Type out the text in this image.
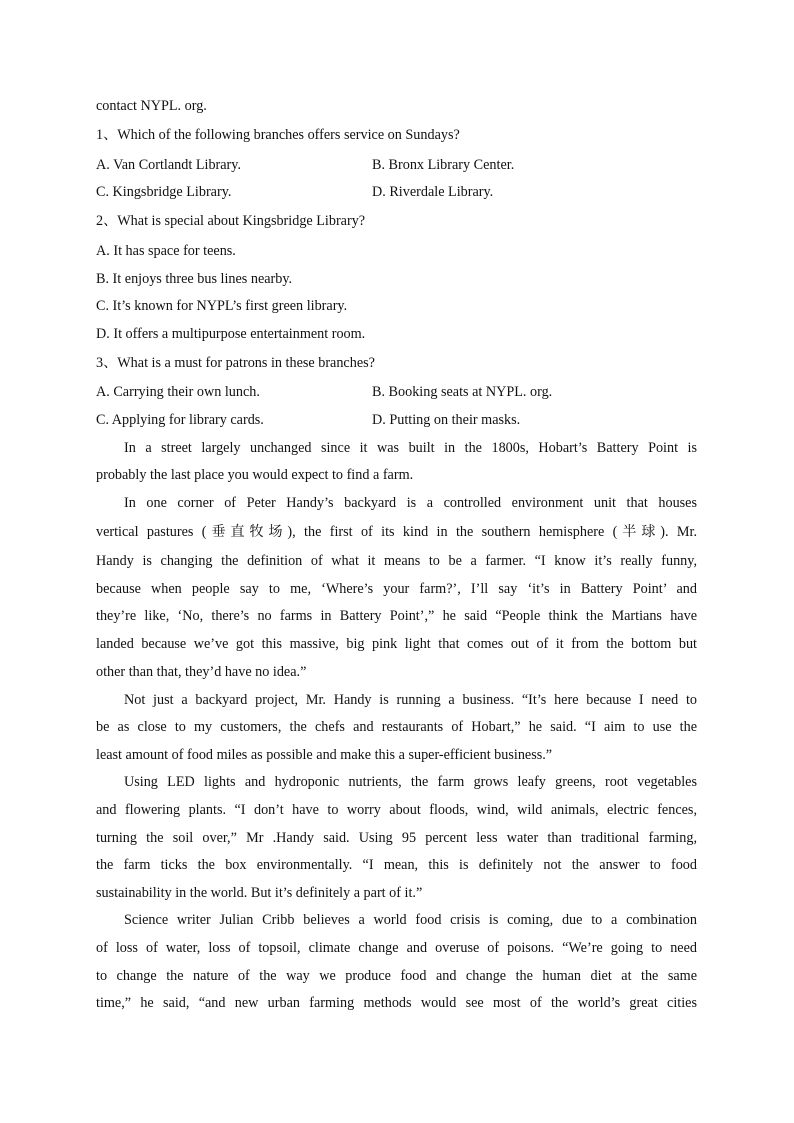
contact NYPL. org.
1、Which of the following branches offers service on Sundays?
A. Van Cortlandt Library.	B. Bronx Library Center.
C. Kingsbridge Library.	D. Riverdale Library.
2、What is special about Kingsbridge Library?
A. It has space for teens.
B. It enjoys three bus lines nearby.
C. It’s known for NYPL’s first green library.
D. It offers a multipurpose entertainment room.
3、What is a must for patrons in these branches?
A. Carrying their own lunch.	B. Booking seats at NYPL. org.
C. Applying for library cards.	D. Putting on their masks.
In a street largely unchanged since it was built in the 1800s, Hobart’s Battery Point is
probably the last place you would expect to find a farm.
In one corner of Peter Handy’s backyard is a controlled environment unit that houses
vertical pastures (垂直牧场), the first of its kind in the southern hemisphere (半球). Mr.
Handy is changing the definition of what it means to be a farmer. “I know it’s really funny,
because when people say to me, ‘Where’s your farm?’, I’ll say ‘it’s in Battery Point’ and
they’re like, ‘No, there’s no farms in Battery Point’,” he said “People think the Martians have
landed because we’ve got this massive, big pink light that comes out of it from the bottom but
other than that, they’d have no idea.”
Not just a backyard project, Mr. Handy is running a business. “It’s here because I need to
be as close to my customers, the chefs and restaurants of Hobart,” he said. “I aim to use the
least amount of food miles as possible and make this a super-efficient business.”
Using LED lights and hydroponic nutrients, the farm grows leafy greens, root vegetables
and flowering plants. “I don’t have to worry about floods, wind, wild animals, electric fences,
turning the soil over,” Mr .Handy said. Using 95 percent less water than traditional farming,
the farm ticks the box environmentally. “I mean, this is definitely not the answer to food
sustainability in the world. But it’s definitely a part of it.”
Science writer Julian Cribb believes a world food crisis is coming, due to a combination
of loss of water, loss of topsoil, climate change and overuse of poisons. “We’re going to need
to change the nature of the way we produce food and change the human diet at the same
time,” he said, “and new urban farming methods would see most of the world’s great cities
